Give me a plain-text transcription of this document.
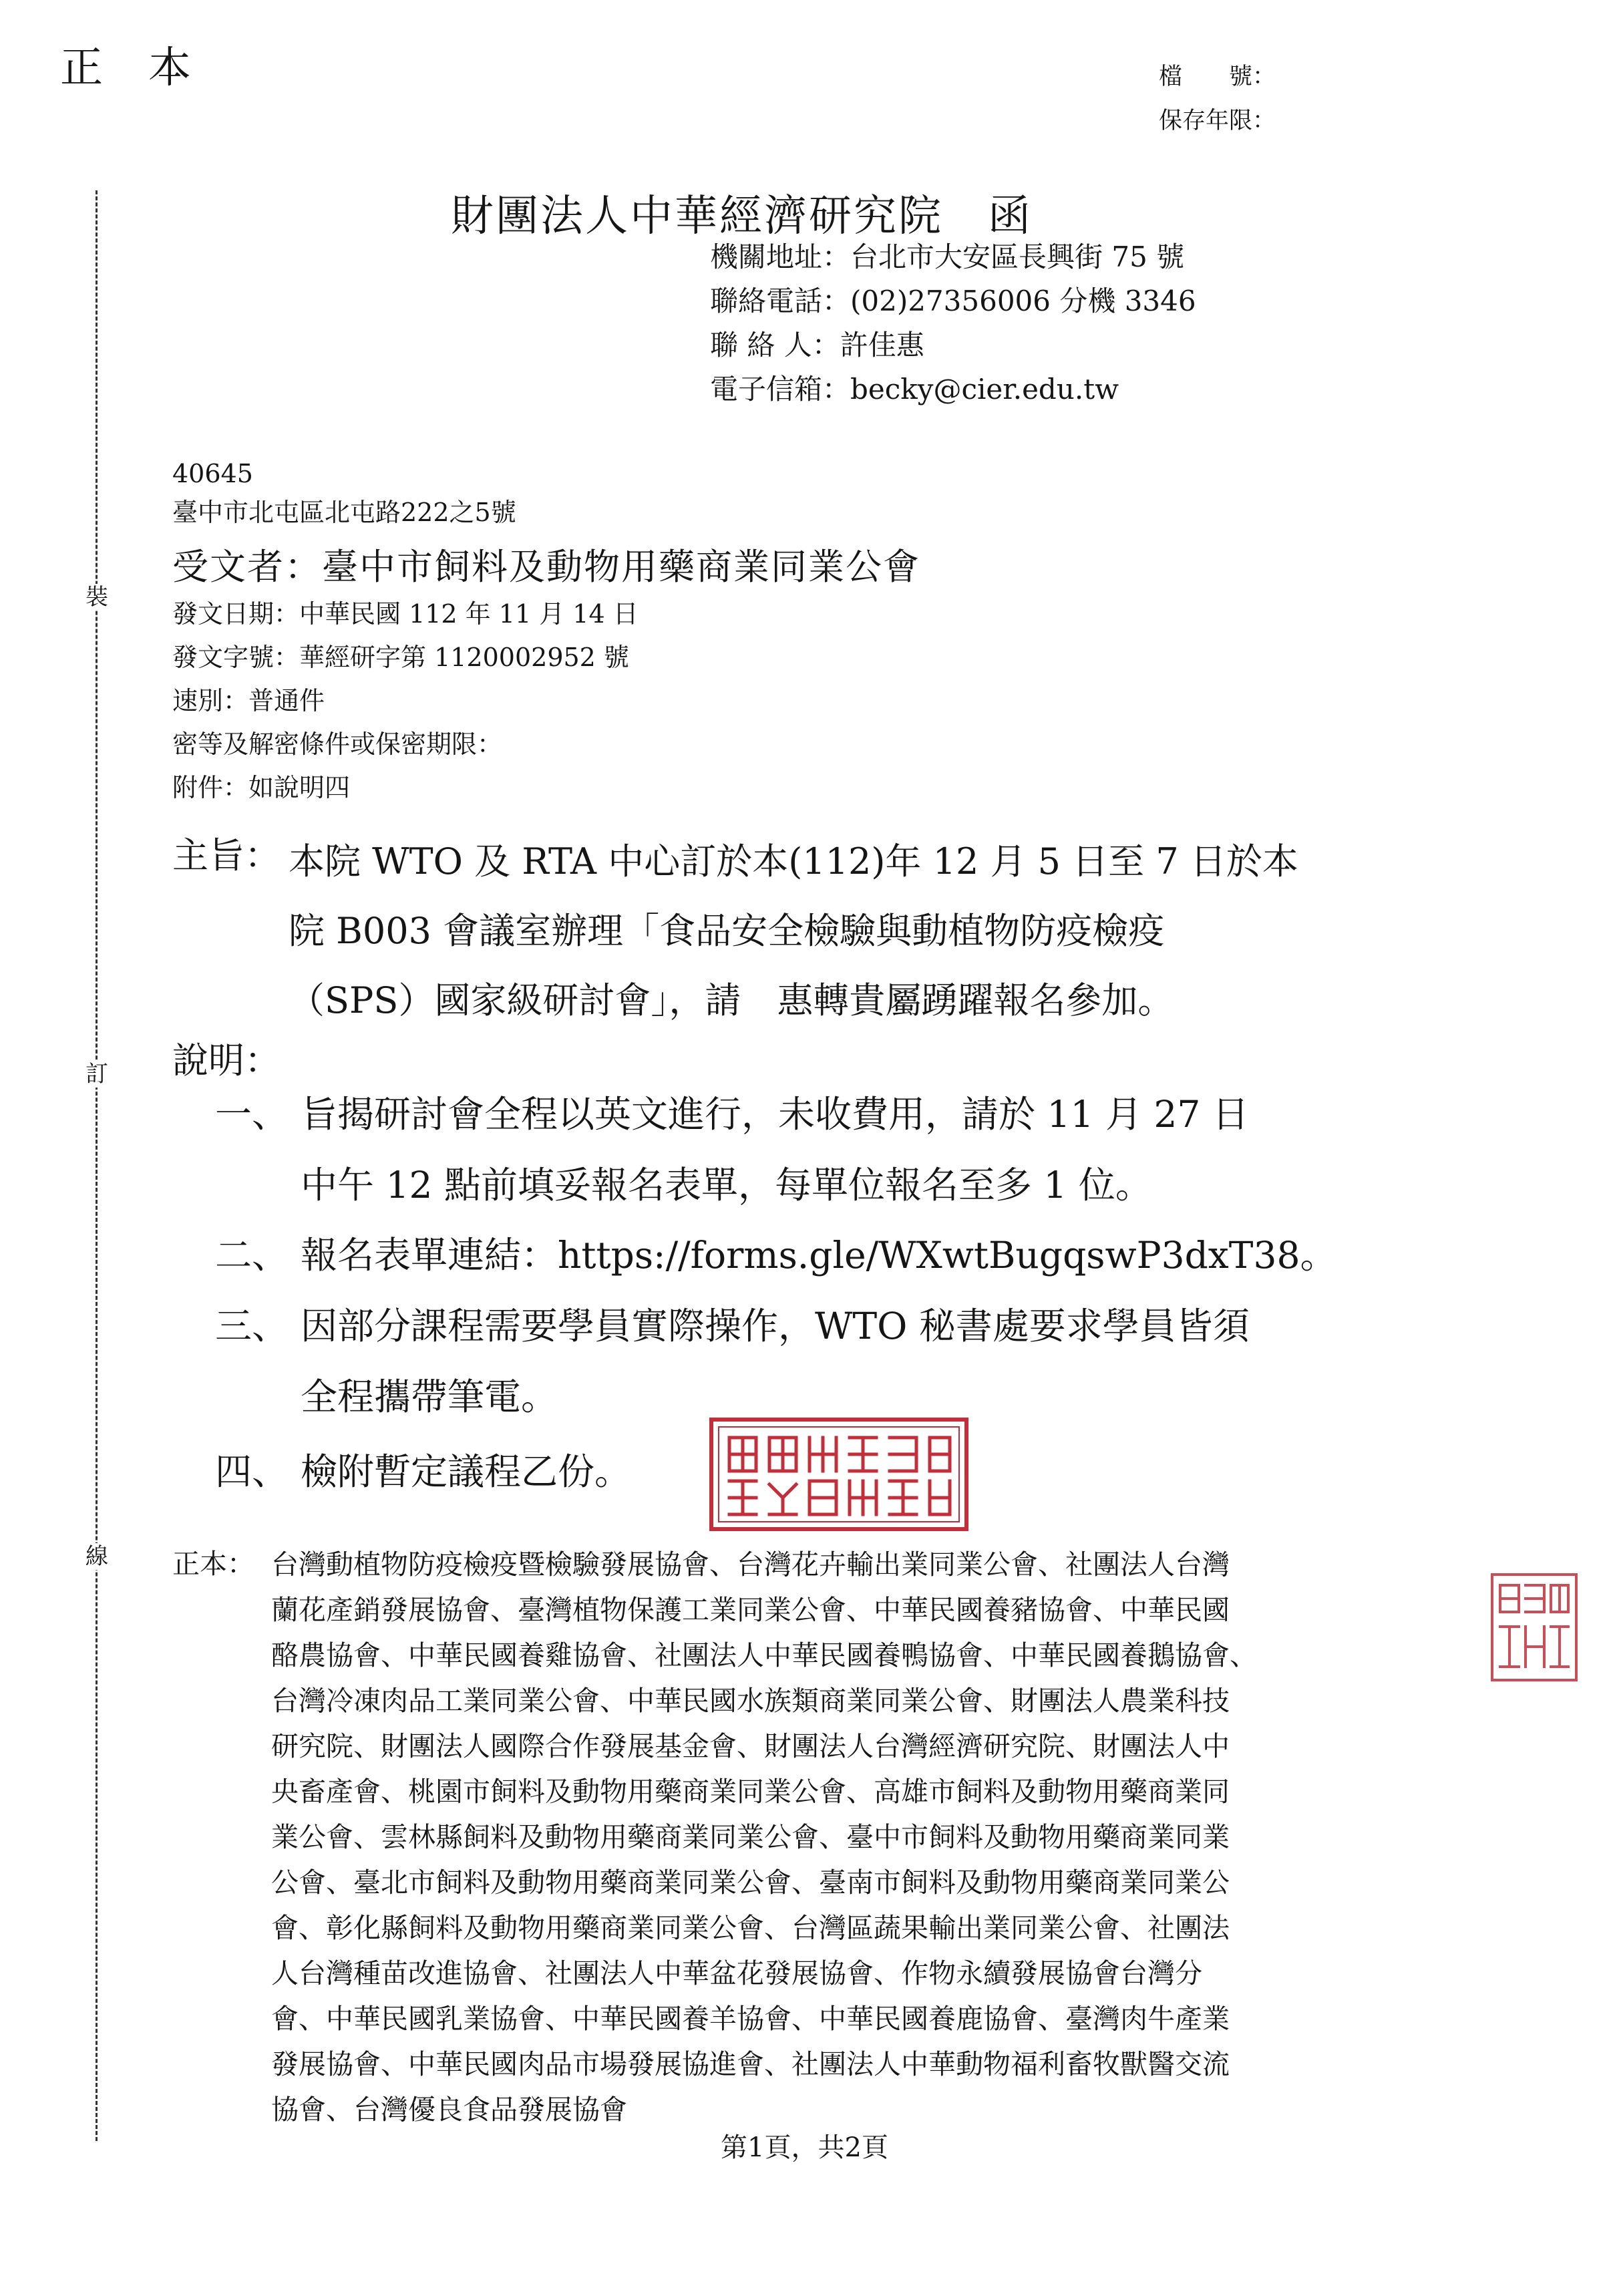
正本	檔　　號：
保存年限：
裝
訂
線
財團法人中華經濟研究院　函
機關地址：台北市大安區長興街 75 號
聯絡電話：(02)27356006 分機 3346
聯 絡 人：許佳惠
電子信箱：becky@cier.edu.tw
40645
臺中市北屯區北屯路222之5號
受文者：臺中市飼料及動物用藥商業同業公會
發文日期：中華民國 112 年 11 月 14 日
發文字號：華經研字第 1120002952 號
速別：普通件
密等及解密條件或保密期限：
附件：如說明四
主旨： 本院 WTO 及 RTA 中心訂於本(112)年 12 月 5 日至 7 日於本
院 B003 會議室辦理「食品安全檢驗與動植物防疫檢疫
（SPS）國家級研討會」，請　惠轉貴屬踴躍報名參加。
說明：
一、 旨揭研討會全程以英文進行，未收費用，請於 11 月 27 日
中午 12 點前填妥報名表單，每單位報名至多 1 位。
二、 報名表單連結：https://forms.gle/WXwtBugqswP3dxT38。
三、 因部分課程需要學員實際操作，WTO 秘書處要求學員皆須
全程攜帶筆電。
四、 檢附暫定議程乙份。
正本： 台灣動植物防疫檢疫暨檢驗發展協會、台灣花卉輸出業同業公會、社團法人台灣
蘭花產銷發展協會、臺灣植物保護工業同業公會、中華民國養豬協會、中華民國
酪農協會、中華民國養雞協會、社團法人中華民國養鴨協會、中華民國養鵝協會、
台灣冷凍肉品工業同業公會、中華民國水族類商業同業公會、財團法人農業科技
研究院、財團法人國際合作發展基金會、財團法人台灣經濟研究院、財團法人中
央畜產會、桃園市飼料及動物用藥商業同業公會、高雄市飼料及動物用藥商業同
業公會、雲林縣飼料及動物用藥商業同業公會、臺中市飼料及動物用藥商業同業
公會、臺北市飼料及動物用藥商業同業公會、臺南市飼料及動物用藥商業同業公
會、彰化縣飼料及動物用藥商業同業公會、台灣區蔬果輸出業同業公會、社團法
人台灣種苗改進協會、社團法人中華盆花發展協會、作物永續發展協會台灣分
會、中華民國乳業協會、中華民國養羊協會、中華民國養鹿協會、臺灣肉牛產業
發展協會、中華民國肉品市場發展協進會、社團法人中華動物福利畜牧獸醫交流
協會、台灣優良食品發展協會
第1頁，共2頁
